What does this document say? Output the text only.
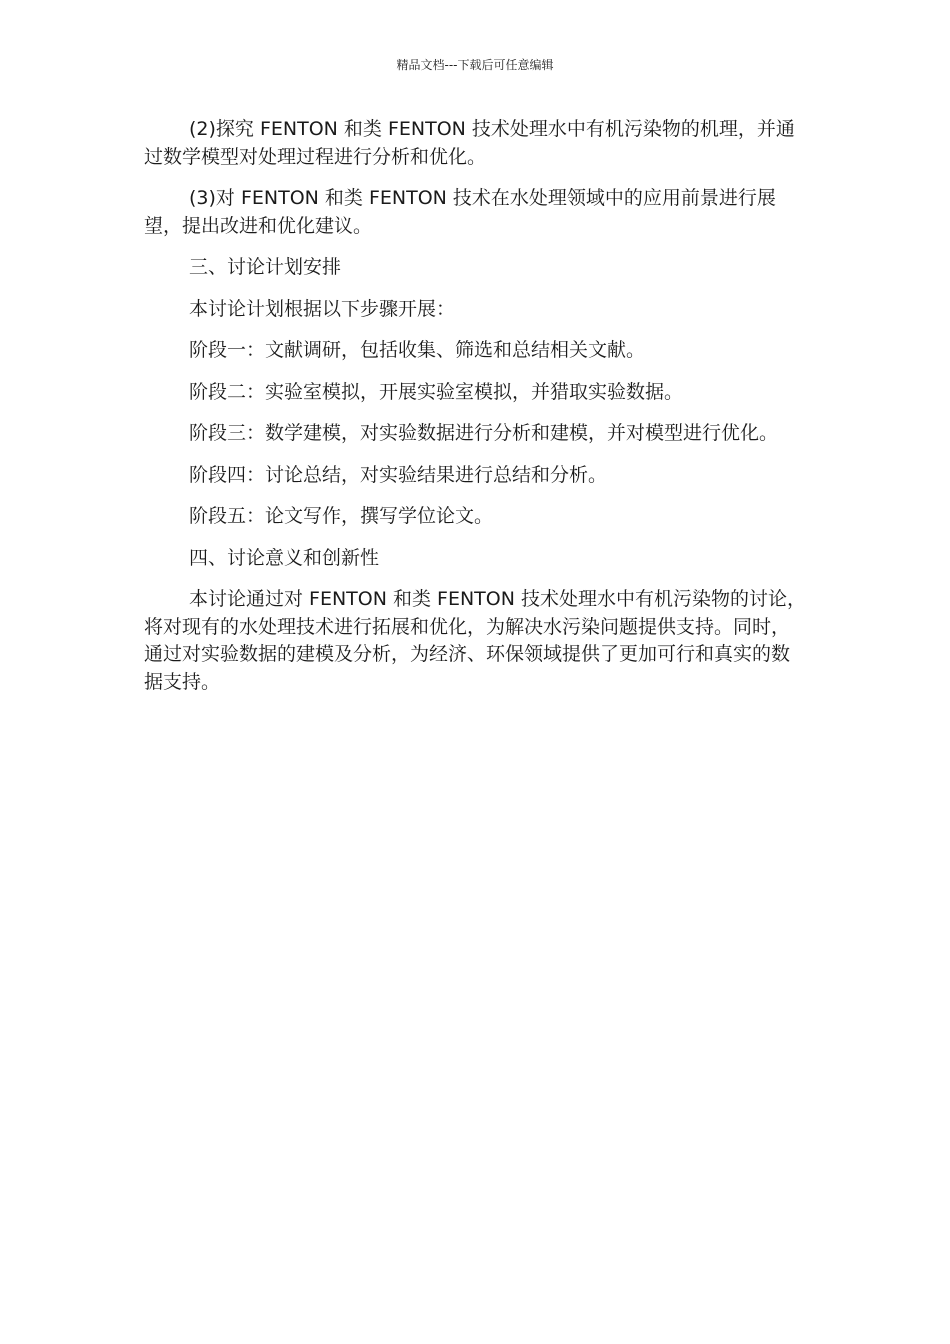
精品文档---下载后可任意编辑

(2)探究 FENTON 和类 FENTON 技术处理水中有机污染物的机理，并通过数学模型对处理过程进行分析和优化。

(3)对 FENTON 和类 FENTON 技术在水处理领域中的应用前景进行展望，提出改进和优化建议。

三、讨论计划安排

本讨论计划根据以下步骤开展：

阶段一：文献调研，包括收集、筛选和总结相关文献。

阶段二：实验室模拟，开展实验室模拟，并猎取实验数据。

阶段三：数学建模，对实验数据进行分析和建模，并对模型进行优化。

阶段四：讨论总结，对实验结果进行总结和分析。

阶段五：论文写作，撰写学位论文。

四、讨论意义和创新性

本讨论通过对 FENTON 和类 FENTON 技术处理水中有机污染物的讨论，将对现有的水处理技术进行拓展和优化，为解决水污染问题提供支持。同时，通过对实验数据的建模及分析，为经济、环保领域提供了更加可行和真实的数据支持。
